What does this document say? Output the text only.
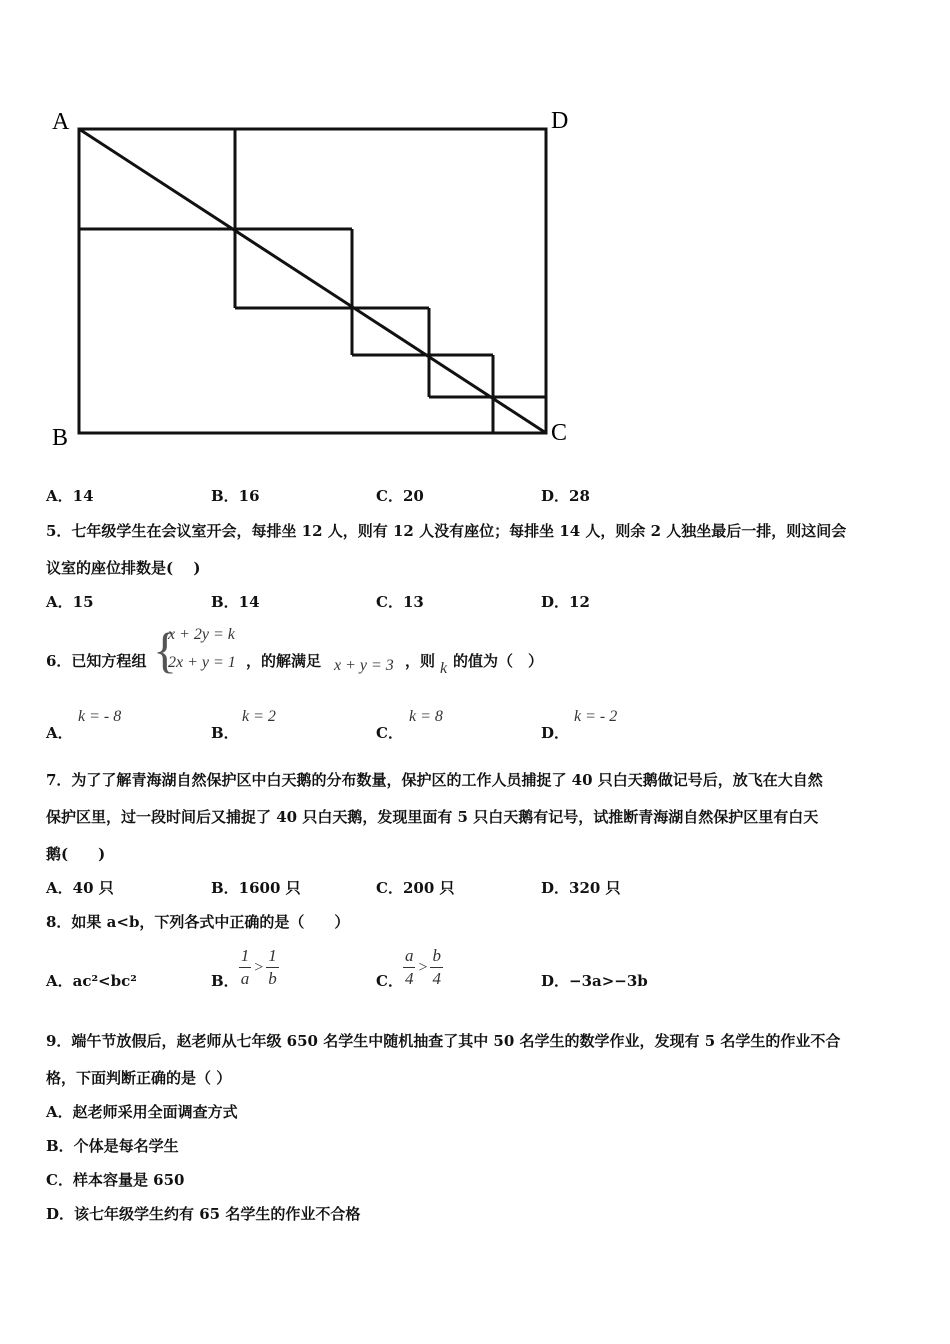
A	D
B	C
A．14	B．16	C．20	D．28
5．七年级学生在会议室开会，每排坐 12 人，则有 12 人没有座位；每排坐 14 人，则余 2 人独坐最后一排，则这间会
议室的座位排数是(　 )
A．15	B．14	C．13	D．12
6．已知方程组 {
x + 2y = k
2x + y = 1 ，的解满足 x + y = 3 ，则 k 的值为（　）
A．
k = - 8
B．
k = 2
C．
k = 8
D．
k = - 2
7．为了了解青海湖自然保护区中白天鹅的分布数量，保护区的工作人员捕捉了 40 只白天鹅做记号后，放飞在大自然
保护区里，过一段时间后又捕捉了 40 只白天鹅，发现里面有 5 只白天鹅有记号，试推断青海湖自然保护区里有白天
鹅(　　)
A．40 只	B．1600 只	C．200 只	D．320 只
8．如果 a<b，下列各式中正确的是（　　）
A．ac²<bc²	B． $\frac{1}{a} > \frac{1}{b}$	C． $\frac{a}{4} > \frac{b}{4}$	D．−3a>−3b
9．端午节放假后，赵老师从七年级 650 名学生中随机抽查了其中 50 名学生的数学作业，发现有 5 名学生的作业不合
格，下面判断正确的是（ ）
A．赵老师采用全面调查方式
B．个体是每名学生
C．样本容量是 650
D．该七年级学生约有 65 名学生的作业不合格
